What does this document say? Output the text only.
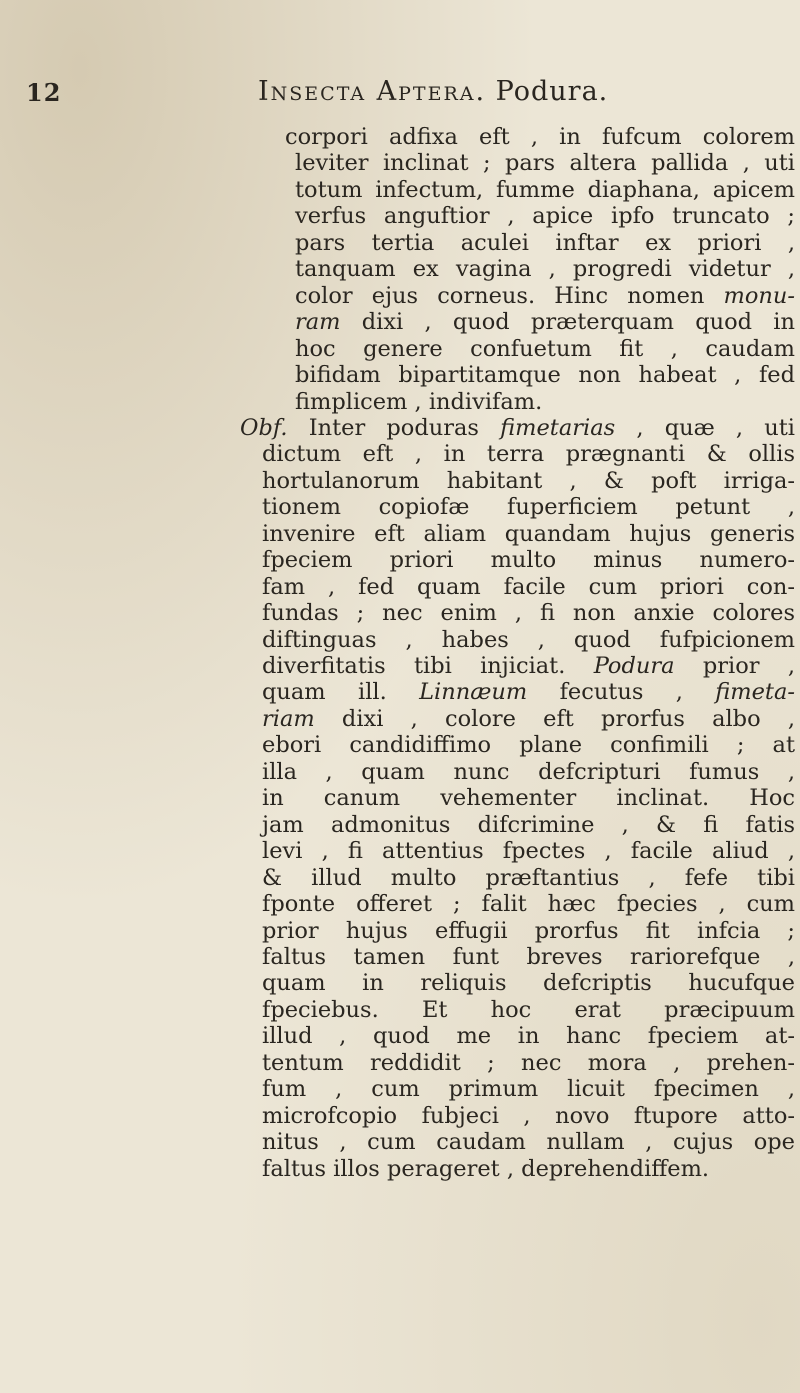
12	Insecta Aptera. Podura.
corpori adfixa eft , in fufcum colorem
leviter inclinat ; pars altera pallida , uti
totum infectum, fumme diaphana, apicem
verfus anguftior , apice ipfo truncato ;
pars tertia aculei inftar ex priori ,
tanquam ex vagina , progredi videtur ,
color ejus corneus. Hinc nomen monu-
ram dixi , quod præterquam quod in
hoc genere confuetum fit , caudam
bifidam bipartitamque non habeat , fed
fimplicem , indivifam.
Obf. Inter poduras fimetarias , quæ , uti
dictum eft , in terra prægnanti & ollis
hortulanorum habitant , & poft irriga-
tionem copiofæ fuperficiem petunt ,
invenire eft aliam quandam hujus generis
fpeciem priori multo minus numero-
fam , fed quam facile cum priori con-
fundas ; nec enim , fi non anxie colores
diftinguas , habes , quod fufpicionem
diverfitatis tibi injiciat. Podura prior ,
quam ill. Linnæum fecutus , fimeta-
riam dixi , colore eft prorfus albo ,
ebori candidiffimo plane confimili ; at
illa , quam nunc defcripturi fumus ,
in canum vehementer inclinat. Hoc
jam admonitus difcrimine , & fi fatis
levi , fi attentius fpectes , facile aliud ,
& illud multo præftantius , fefe tibi
fponte offeret ; falit hæc fpecies , cum
prior hujus effugii prorfus fit infcia ;
faltus tamen funt breves rariorefque ,
quam in reliquis defcriptis hucufque
fpeciebus. Et hoc erat præcipuum
illud , quod me in hanc fpeciem at-
tentum reddidit ; nec mora , prehen-
fum , cum primum licuit fpecimen ,
microfcopio fubjeci , novo ftupore atto-
nitus , cum caudam nullam , cujus ope
faltus illos perageret , deprehendiffem.
